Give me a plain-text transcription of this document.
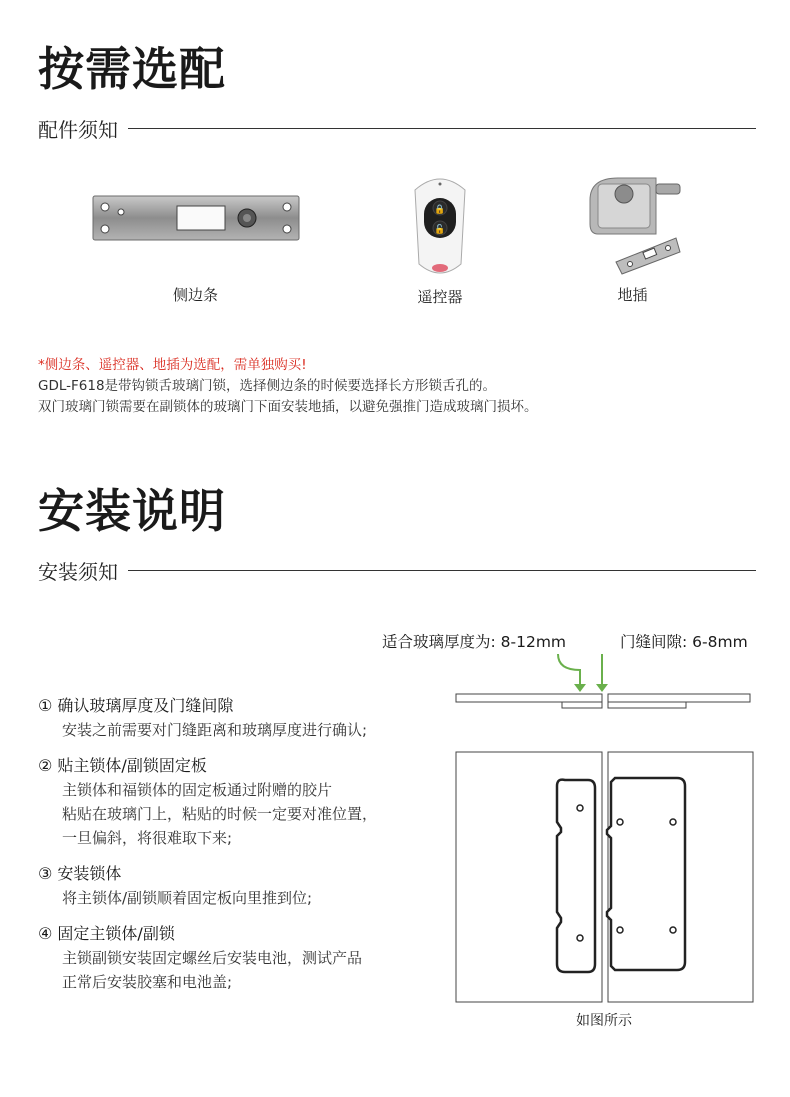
按需选配
配件须知
侧边条
🔒
🔓
遥控器	地插
*侧边条、遥控器、地插为选配，需单独购买!
GDL-F618是带钩锁舌玻璃门锁，选择侧边条的时候要选择长方形锁舌孔的。
双门玻璃门锁需要在副锁体的玻璃门下面安装地插，以避免强推门造成玻璃门损坏。
安装说明
安装须知
① 确认玻璃厚度及门缝间隙
安装之前需要对门缝距离和玻璃厚度进行确认;
② 贴主锁体/副锁固定板
主锁体和福锁体的固定板通过附赠的胶片
粘贴在玻璃门上，粘贴的时候一定要对准位置，
一旦偏斜，将很难取下来;
③ 安装锁体
将主锁体/副锁顺着固定板向里推到位;
④ 固定主锁体/副锁
主锁副锁安装固定螺丝后安装电池，测试产品
正常后安装胶塞和电池盖;
适合玻璃厚度为: 8-12mm	门缝间隙: 6-8mm
如图所示
